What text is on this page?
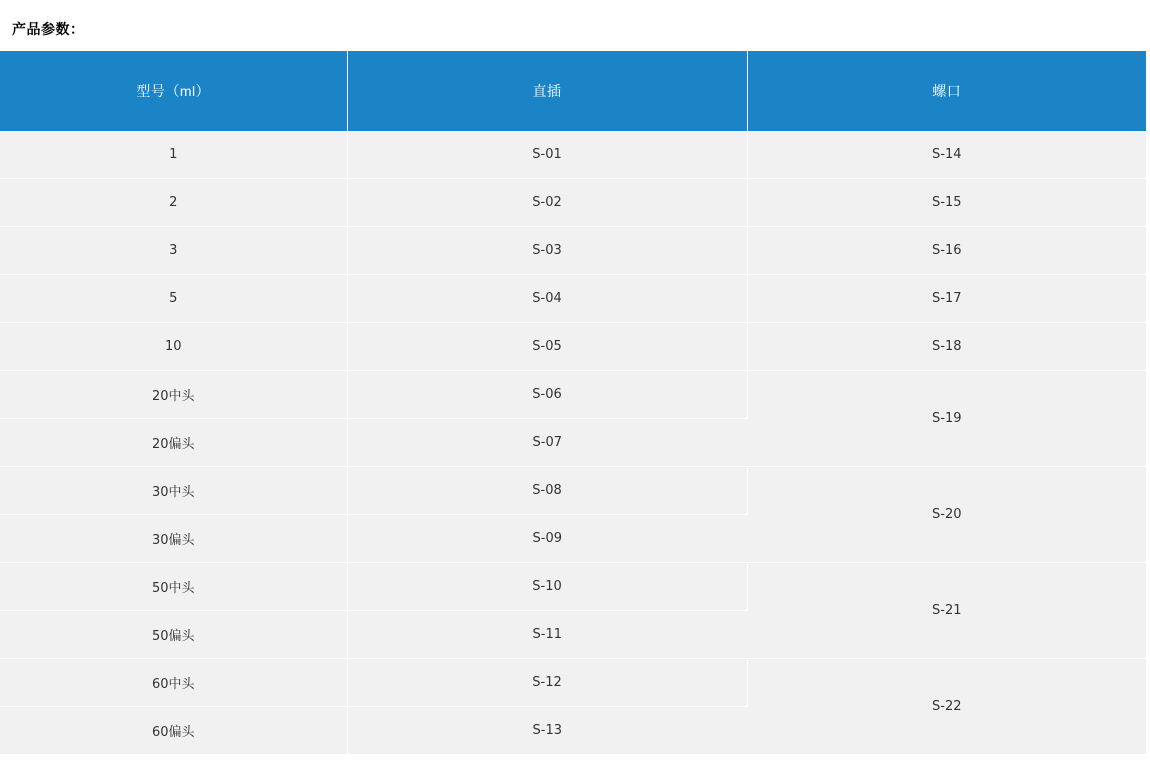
产品参数：
型号（ml）	直插	螺口
1	S-01	S-14
2	S-02	S-15
3	S-03	S-16
5	S-04	S-17
10	S-05	S-18
20中头	S-06	S-19
20偏头	S-07	
30中头	S-08	S-20
30偏头	S-09	
50中头	S-10	S-21
50偏头	S-11	
60中头	S-12	S-22
60偏头	S-13	
